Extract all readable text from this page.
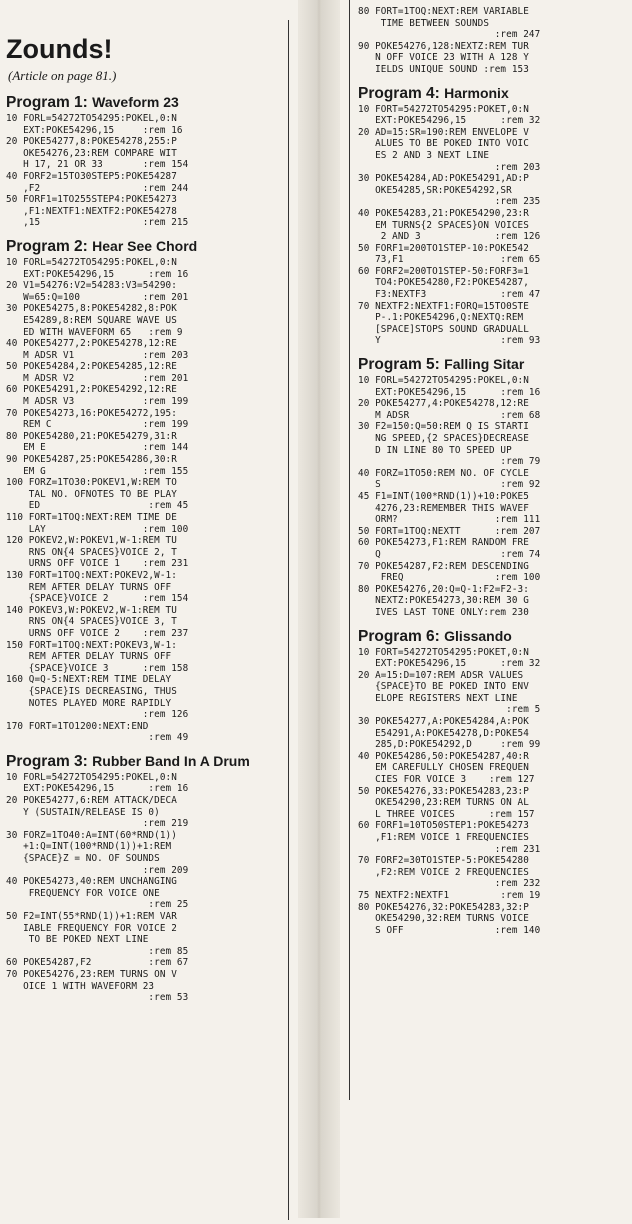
Zounds!
(Article on page 81.)
Program 1: Waveform 23
10 FORL=54272TO54295:POKEL,0:N
EXT:POKE54296,15     :rem 16
20 POKE54277,8:POKE54278,255:P
OKE54276,23:REM COMPARE WIT
H 17, 21 OR 33       :rem 154
40 FORF2=15TO30STEP5:POKE54287
,F2                  :rem 244
50 FORF1=1TO255STEP4:POKE54273
,F1:NEXTF1:NEXTF2:POKE54278
,15                  :rem 215
Program 2: Hear See Chord
10 FORL=54272TO54295:POKEL,0:N
EXT:POKE54296,15      :rem 16
20 V1=54276:V2=54283:V3=54290:
W=65:Q=100           :rem 201
30 POKE54275,8:POKE54282,8:POK
E54289,8:REM SQUARE WAVE US
ED WITH WAVEFORM 65   :rem 9
40 POKE54277,2:POKE54278,12:RE
M ADSR V1            :rem 203
50 POKE54284,2:POKE54285,12:RE
M ADSR V2            :rem 201
60 POKE54291,2:POKE54292,12:RE
M ADSR V3            :rem 199
70 POKE54273,16:POKE54272,195:
REM C                :rem 199
80 POKE54280,21:POKE54279,31:R
EM E                 :rem 144
90 POKE54287,25:POKE54286,30:R
EM G                 :rem 155
100 FORZ=1TO30:POKEV1,W:REM TO
TAL NO. OFNOTES TO BE PLAY
ED                   :rem 45
110 FORT=1TOQ:NEXT:REM TIME DE
LAY                 :rem 100
120 POKEV2,W:POKEV1,W-1:REM TU
RNS ON{4 SPACES}VOICE 2, T
URNS OFF VOICE 1    :rem 231
130 FORT=1TOQ:NEXT:POKEV2,W-1:
REM AFTER DELAY TURNS OFF
{SPACE}VOICE 2      :rem 154
140 POKEV3,W:POKEV2,W-1:REM TU
RNS ON{4 SPACES}VOICE 3, T
URNS OFF VOICE 2    :rem 237
150 FORT=1TOQ:NEXT:POKEV3,W-1:
REM AFTER DELAY TURNS OFF
{SPACE}VOICE 3      :rem 158
160 Q=Q-5:NEXT:REM TIME DELAY
{SPACE}IS DECREASING, THUS
NOTES PLAYED MORE RAPIDLY
:rem 126
170 FORT=1TO1200:NEXT:END
:rem 49
Program 3: Rubber Band In A Drum
10 FORL=54272TO54295:POKEL,0:N
EXT:POKE54296,15      :rem 16
20 POKE54277,6:REM ATTACK/DECA
Y (SUSTAIN/RELEASE IS 0)
:rem 219
30 FORZ=1TO40:A=INT(60*RND(1))
+1:Q=INT(100*RND(1))+1:REM
{SPACE}Z = NO. OF SOUNDS
:rem 209
40 POKE54273,40:REM UNCHANGING
FREQUENCY FOR VOICE ONE
:rem 25
50 F2=INT(55*RND(1))+1:REM VAR
IABLE FREQUENCY FOR VOICE 2
TO BE POKED NEXT LINE
:rem 85
60 POKE54287,F2          :rem 67
70 POKE54276,23:REM TURNS ON V
OICE 1 WITH WAVEFORM 23
:rem 53
80 FORT=1TOQ:NEXT:REM VARIABLE
TIME BETWEEN SOUNDS
:rem 247
90 POKE54276,128:NEXTZ:REM TUR
N OFF VOICE 23 WITH A 128 Y
IELDS UNIQUE SOUND :rem 153
Program 4: Harmonix
10 FORT=54272TO54295:POKET,0:N
EXT:POKE54296,15      :rem 32
20 AD=15:SR=190:REM ENVELOPE V
ALUES TO BE POKED INTO VOIC
ES 2 AND 3 NEXT LINE
:rem 203
30 POKE54284,AD:POKE54291,AD:P
OKE54285,SR:POKE54292,SR
:rem 235
40 POKE54283,21:POKE54290,23:R
EM TURNS{2 SPACES}ON VOICES
2 AND 3             :rem 126
50 FORF1=200TO1STEP-10:POKE542
73,F1                 :rem 65
60 FORF2=200TO1STEP-50:FORF3=1
TO4:POKE54280,F2:POKE54287,
F3:NEXTF3             :rem 47
70 NEXTF2:NEXTF1:FORQ=15TO0STE
P-.1:POKE54296,Q:NEXTQ:REM
[SPACE]STOPS SOUND GRADUALL
Y                     :rem 93
Program 5: Falling Sitar
10 FORL=54272TO54295:POKEL,0:N
EXT:POKE54296,15      :rem 16
20 POKE54277,4:POKE54278,12:RE
M ADSR                :rem 68
30 F2=150:Q=50:REM Q IS STARTI
NG SPEED,{2 SPACES}DECREASE
D IN LINE 80 TO SPEED UP
:rem 79
40 FORZ=1TO50:REM NO. OF CYCLE
S                     :rem 92
45 F1=INT(100*RND(1))+10:POKE5
4276,23:REMEMBER THIS WAVEF
ORM?                 :rem 111
50 FORT=1TOQ:NEXTT      :rem 207
60 POKE54273,F1:REM RANDOM FRE
Q                     :rem 74
70 POKE54287,F2:REM DESCENDING
FREQ                :rem 100
80 POKE54276,20:Q=Q-1:F2=F2-3:
NEXTZ:POKE54273,30:REM 30 G
IVES LAST TONE ONLY:rem 230
Program 6: Glissando
10 FORT=54272TO54295:POKET,0:N
EXT:POKE54296,15      :rem 32
20 A=15:D=107:REM ADSR VALUES
{SPACE}TO BE POKED INTO ENV
ELOPE REGISTERS NEXT LINE
:rem 5
30 POKE54277,A:POKE54284,A:POK
E54291,A:POKE54278,D:POKE54
285,D:POKE54292,D     :rem 99
40 POKE54286,50:POKE54287,40:R
EM CAREFULLY CHOSEN FREQUEN
CIES FOR VOICE 3    :rem 127
50 POKE54276,33:POKE54283,23:P
OKE54290,23:REM TURNS ON AL
L THREE VOICES      :rem 157
60 FORF1=10TO50STEP1:POKE54273
,F1:REM VOICE 1 FREQUENCIES
:rem 231
70 FORF2=30TO1STEP-5:POKE54280
,F2:REM VOICE 2 FREQUENCIES
:rem 232
75 NEXTF2:NEXTF1         :rem 19
80 POKE54276,32:POKE54283,32:P
OKE54290,32:REM TURNS VOICE
S OFF                :rem 140
